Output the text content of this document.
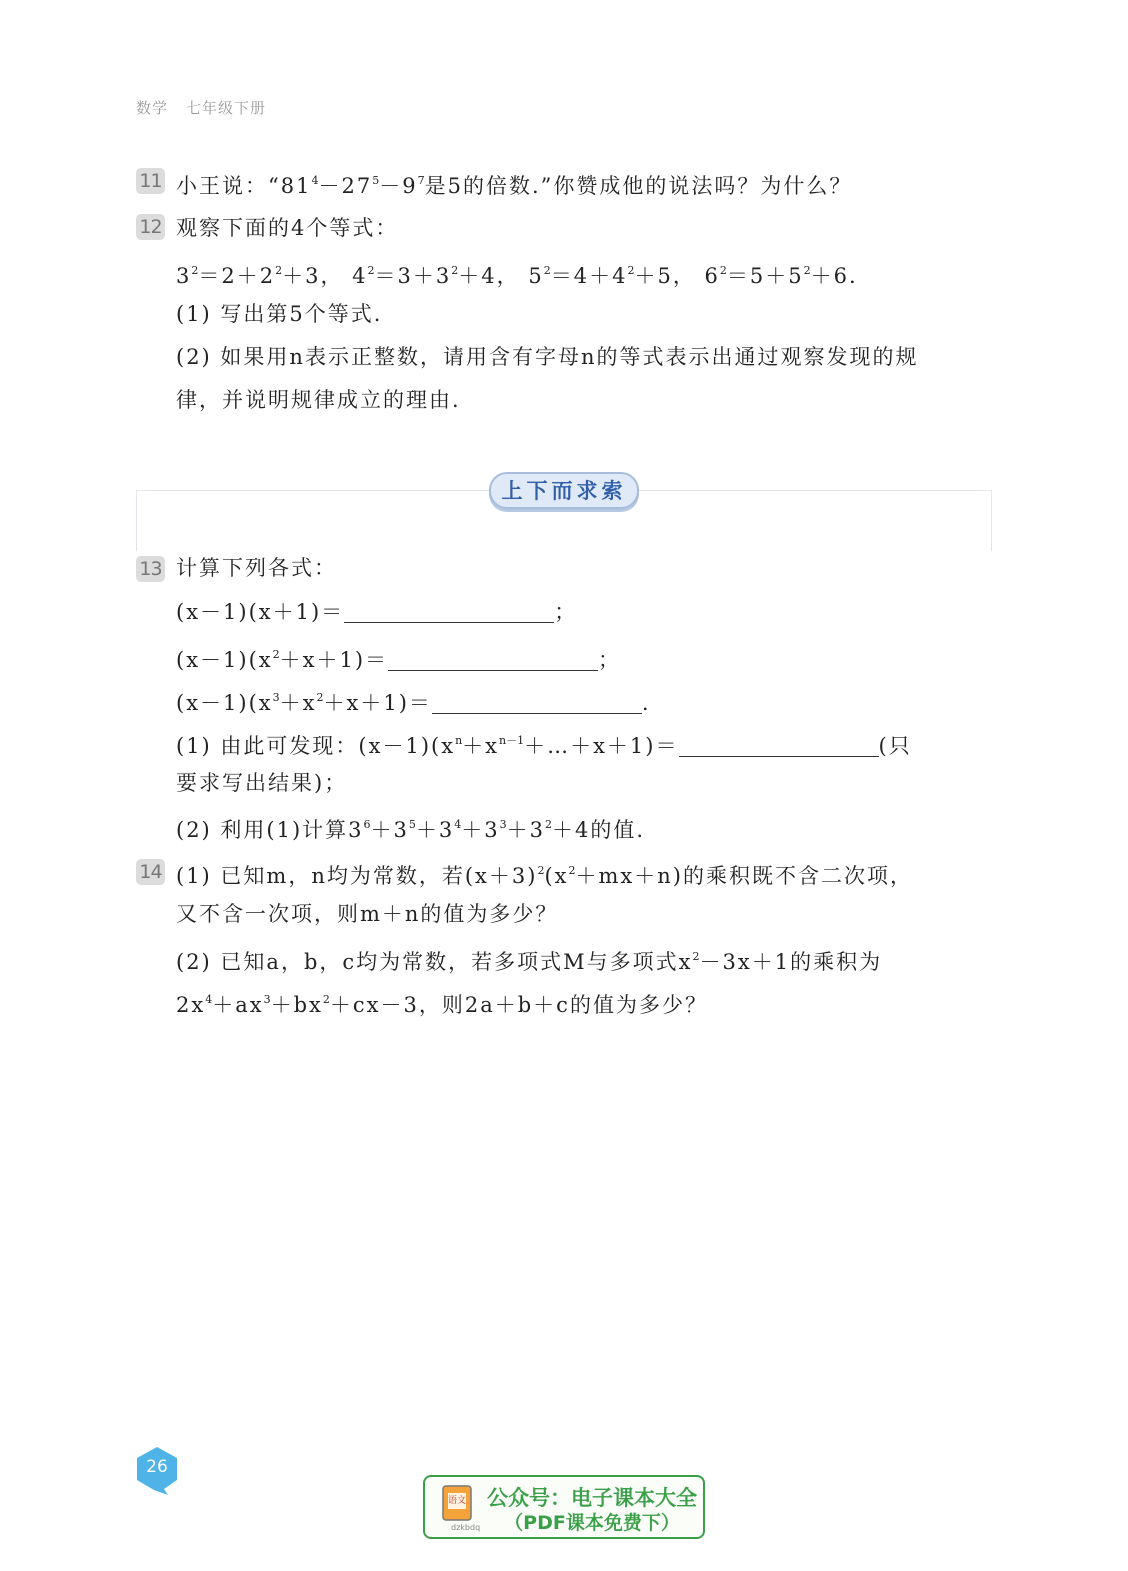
数学 七年级下册
11 小王说：“$81^4-27^5-9^7$是5的倍数.”你赞成他的说法吗？为什么？
12 观察下面的4个等式：
$3^2=2+2^2+3$， $4^2=3+3^2+4$， $5^2=4+4^2+5$， $6^2=5+5^2+6$.
(1) 写出第5个等式.
(2) 如果用n表示正整数，请用含有字母n的等式表示出通过观察发现的规
律，并说明规律成立的理由.
上下而求索
13 计算下列各式：
(x－1)(x＋1)＝	；
$(x-1)(x^2+x+1)=$	；
$(x-1)(x^3+x^2+x+1)=$	.
(1) 由此可发现：$(x-1)(x^n+x^{n-1}+\dots+x+1)=$	(只
要求写出结果)；
(2) 利用(1)计算$3^6+3^5+3^4+3^3+3^2+4$的值.
14 (1) 已知m，n均为常数，若$(x+3)^2(x^2+mx+n)$的乘积既不含二次项，
又不含一次项，则m＋n的值为多少？
(2) 已知a，b，c均为常数，若多项式M与多项式$x^2-3x+1$的乘积为
$2x^4+ax^3+bx^2+cx-3$，则2a＋b＋c的值为多少？
26
语文
dzkbdq
公众号：电子课本大全
（PDF课本免费下）
